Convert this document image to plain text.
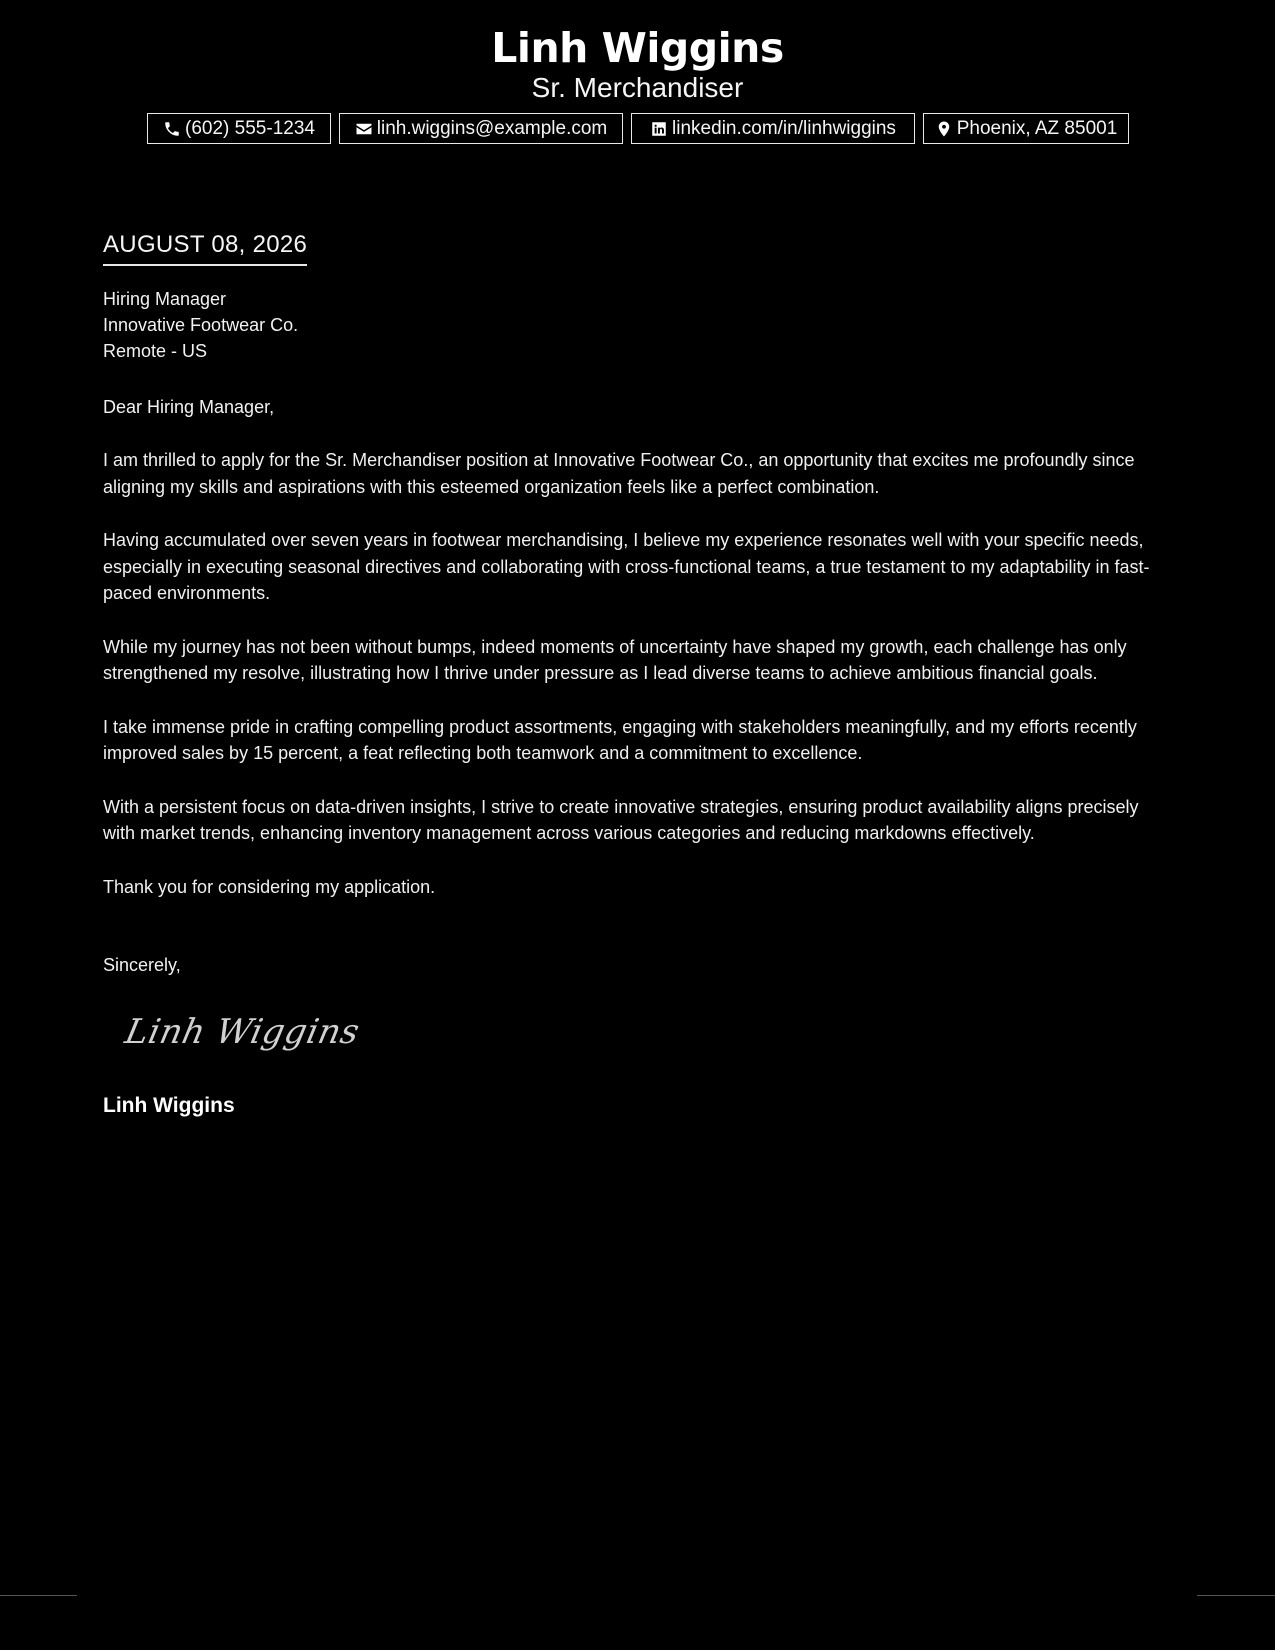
Linh Wiggins
Sr. Merchandiser
(602) 555-1234	linh.wiggins@example.com	linkedin.com/in/linhwiggins	Phoenix, AZ 85001
AUGUST 08, 2026
Hiring Manager
Innovative Footwear Co.
Remote - US
Dear Hiring Manager,
I am thrilled to apply for the Sr. Merchandiser position at Innovative Footwear Co., an opportunity that excites me profoundly since aligning my skills and aspirations with this esteemed organization feels like a perfect combination.
Having accumulated over seven years in footwear merchandising, I believe my experience resonates well with your specific needs, especially in executing seasonal directives and collaborating with cross-functional teams, a true testament to my adaptability in fast-paced environments.
While my journey has not been without bumps, indeed moments of uncertainty have shaped my growth, each challenge has only strengthened my resolve, illustrating how I thrive under pressure as I lead diverse teams to achieve ambitious financial goals.
I take immense pride in crafting compelling product assortments, engaging with stakeholders meaningfully, and my efforts recently improved sales by 15 percent, a feat reflecting both teamwork and a commitment to excellence.
With a persistent focus on data-driven insights, I strive to create innovative strategies, ensuring product availability aligns precisely with market trends, enhancing inventory management across various categories and reducing markdowns effectively.
Thank you for considering my application.
Sincerely,
Linh Wiggins
Linh Wiggins
